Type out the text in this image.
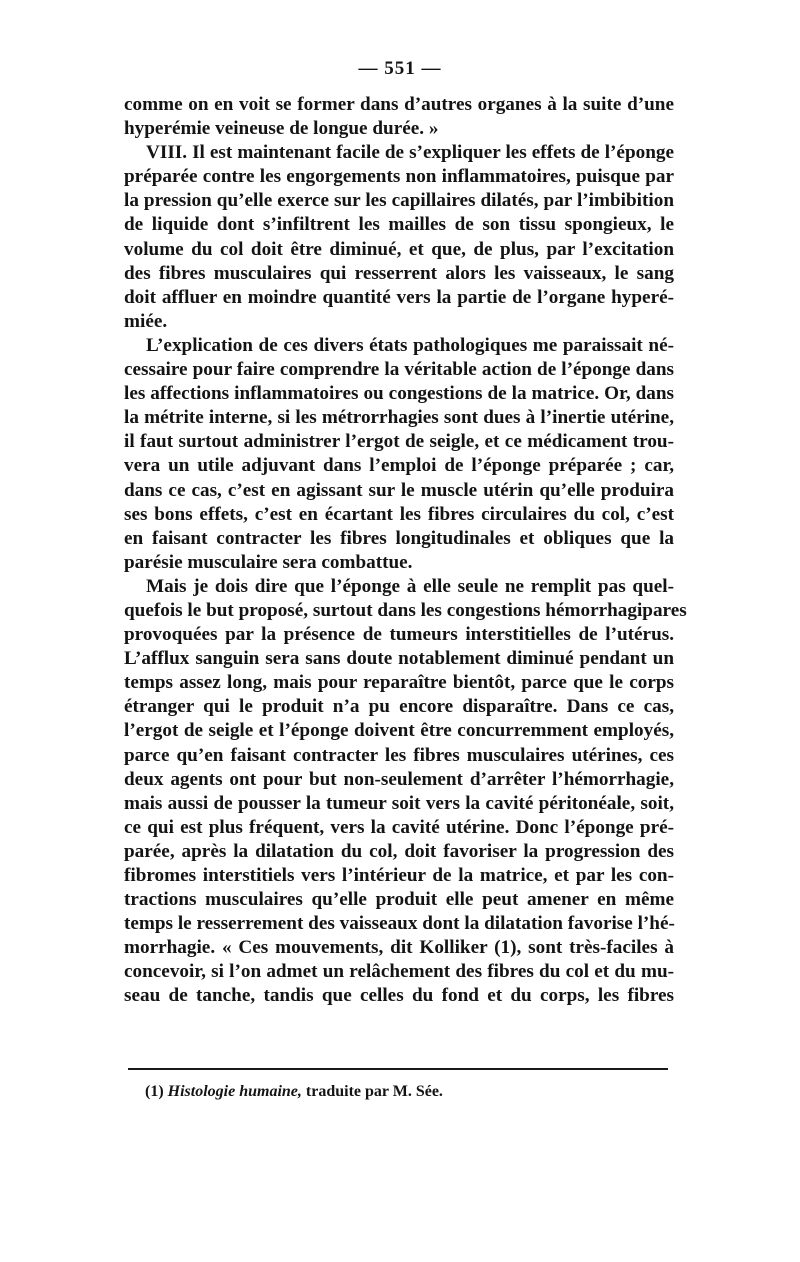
— 551 —
comme on en voit se former dans d’autres organes à la suite d’une
hyperémie veineuse de longue durée. »
VIII. Il est maintenant facile de s’expliquer les effets de l’éponge
préparée contre les engorgements non inflammatoires, puisque par
la pression qu’elle exerce sur les capillaires dilatés, par l’imbibition
de liquide dont s’infiltrent les mailles de son tissu spongieux, le
volume du col doit être diminué, et que, de plus, par l’excitation
des fibres musculaires qui resserrent alors les vaisseaux, le sang
doit affluer en moindre quantité vers la partie de l’organe hyperé-
miée.
L’explication de ces divers états pathologiques me paraissait né-
cessaire pour faire comprendre la véritable action de l’éponge dans
les affections inflammatoires ou congestions de la matrice. Or, dans
la métrite interne, si les métrorrhagies sont dues à l’inertie utérine,
il faut surtout administrer l’ergot de seigle, et ce médicament trou-
vera un utile adjuvant dans l’emploi de l’éponge préparée ; car,
dans ce cas, c’est en agissant sur le muscle utérin qu’elle produira
ses bons effets, c’est en écartant les fibres circulaires du col, c’est
en faisant contracter les fibres longitudinales et obliques que la
parésie musculaire sera combattue.
Mais je dois dire que l’éponge à elle seule ne remplit pas quel-
quefois le but proposé, surtout dans les congestions hémorrhagipares
provoquées par la présence de tumeurs interstitielles de l’utérus.
L’afflux sanguin sera sans doute notablement diminué pendant un
temps assez long, mais pour reparaître bientôt, parce que le corps
étranger qui le produit n’a pu encore disparaître. Dans ce cas,
l’ergot de seigle et l’éponge doivent être concurremment employés,
parce qu’en faisant contracter les fibres musculaires utérines, ces
deux agents ont pour but non-seulement d’arrêter l’hémorrhagie,
mais aussi de pousser la tumeur soit vers la cavité péritonéale, soit,
ce qui est plus fréquent, vers la cavité utérine. Donc l’éponge pré-
parée, après la dilatation du col, doit favoriser la progression des
fibromes interstitiels vers l’intérieur de la matrice, et par les con-
tractions musculaires qu’elle produit elle peut amener en même
temps le resserrement des vaisseaux dont la dilatation favorise l’hé-
morrhagie. « Ces mouvements, dit Kolliker (1), sont très-faciles à
concevoir, si l’on admet un relâchement des fibres du col et du mu-
seau de tanche, tandis que celles du fond et du corps, les fibres
(1) Histologie humaine, traduite par M. Sée.
